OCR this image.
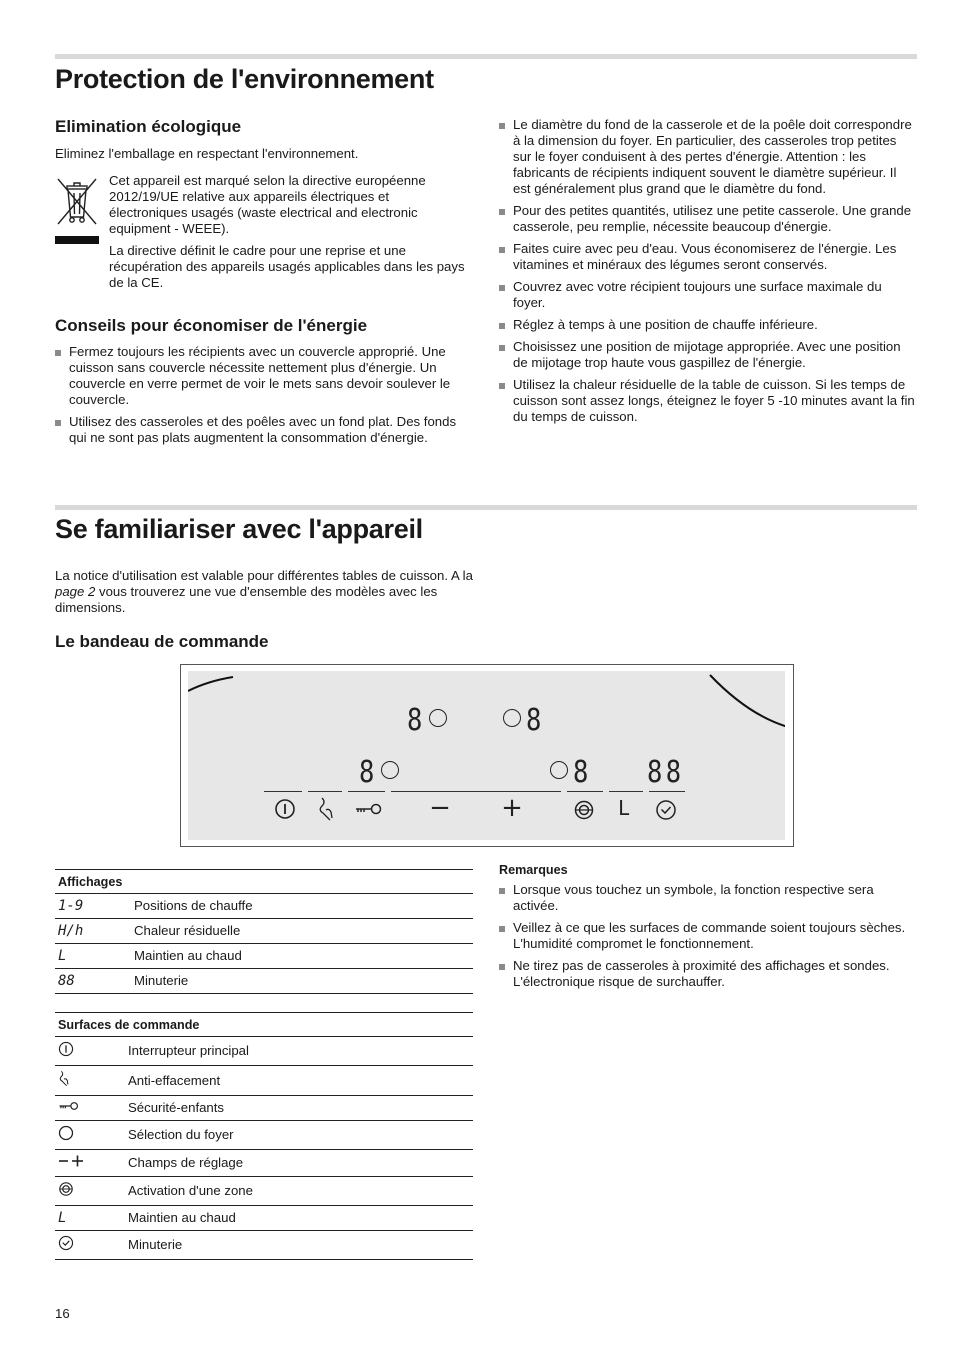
Protection de l'environnement
Elimination écologique

Eliminez l'emballage en respectant l'environnement.

Cet appareil est marqué selon la directive européenne 2012/19/UE relative aux appareils électriques et électroniques usagés (waste electrical and electronic equipment - WEEE).

La directive définit le cadre pour une reprise et une récupération des appareils usagés applicables dans les pays de la CE.

Conseils pour économiser de l'énergie
Fermez toujours les récipients avec un couvercle approprié. Une cuisson sans couvercle nécessite nettement plus d'énergie. Un couvercle en verre permet de voir le mets sans devoir soulever le couvercle.
Utilisez des casseroles et des poêles avec un fond plat. Des fonds qui ne sont pas plats augmentent la consommation d'énergie.
Le diamètre du fond de la casserole et de la poêle doit correspondre à la dimension du foyer. En particulier, des casseroles trop petites sur le foyer conduisent à des pertes d'énergie. Attention : les fabricants de récipients indiquent souvent le diamètre supérieur. Il est généralement plus grand que le diamètre du fond.
Pour des petites quantités, utilisez une petite casserole. Une grande casserole, peu remplie, nécessite beaucoup d'énergie.
Faites cuire avec peu d'eau. Vous économiserez de l'énergie. Les vitamines et minéraux des légumes seront conservés.
Couvrez avec votre récipient toujours une surface maximale du foyer.
Réglez à temps à une position de chauffe inférieure.
Choisissez une position de mijotage appropriée. Avec une position de mijotage trop haute vous gaspillez de l'énergie.
Utilisez la chaleur résiduelle de la table de cuisson. Si les temps de cuisson sont assez longs, éteignez le foyer 5 -10 minutes avant la fin du temps de cuisson.
Se familiariser avec l'appareil

La notice d'utilisation est valable pour différentes tables de cuisson. A la page 2 vous trouverez une vue d'ensemble des modèles avec les dimensions.

Le bandeau de commande
8	8
8	8 88
− +	L
Affichages	
1-9	Positions de chauffe
H/h	Chaleur résiduelle
L	Maintien au chaud
88	Minuterie
Surfaces de commande	
	Interrupteur principal
	Anti-effacement
	Sécurité-enfants
	Sélection du foyer
	Champs de réglage
	Activation d'une zone
L	Maintien au chaud
	Minuterie

Remarques

Lorsque vous touchez un symbole, la fonction respective sera activée.
Veillez à ce que les surfaces de commande soient toujours sèches. L'humidité compromet le fonctionnement.
Ne tirez pas de casseroles à proximité des affichages et sondes. L'électronique risque de surchauffer.
16
